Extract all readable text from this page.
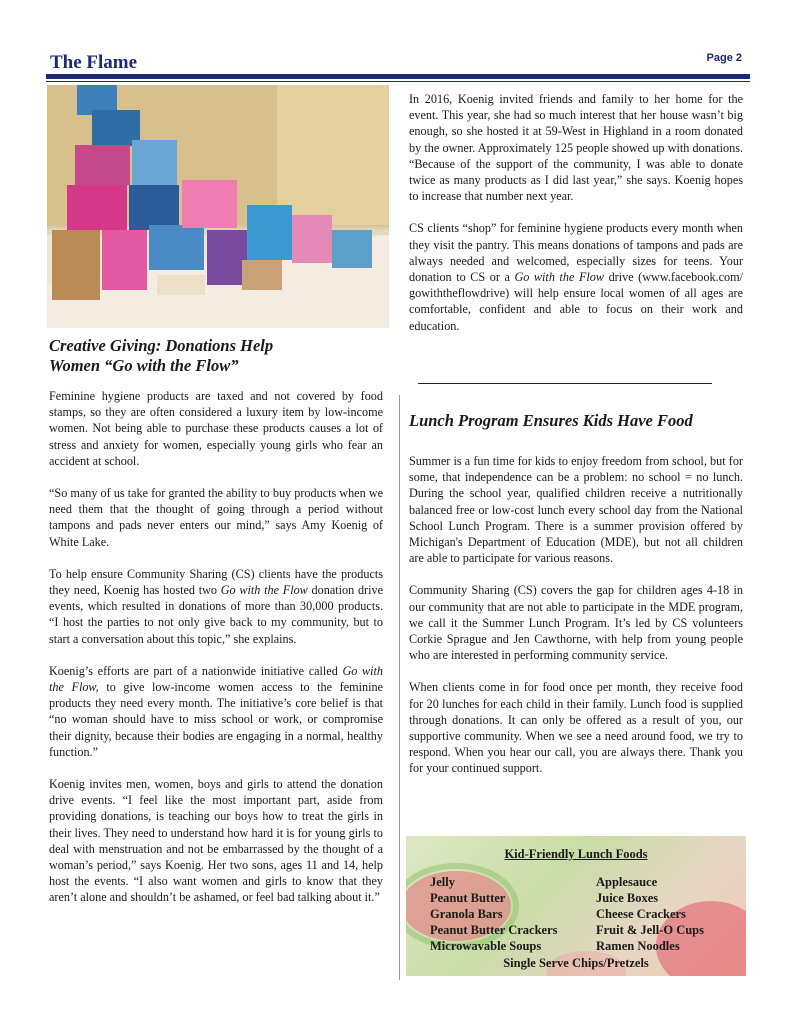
The Flame	Page 2

Creative Giving: Donations Help
Women “Go with the Flow”

Feminine hygiene products are taxed and not covered by food stamps, so they are often considered a luxury item by low-income women. Not being able to purchase these products causes a lot of stress and anxiety for women, especially young girls who fear an accident at school.

“So many of us take for granted the ability to buy products when we need them that the thought of going through a period without tampons and pads never enters our mind,” says Amy Koenig of White Lake.

To help ensure Community Sharing (CS) clients have the products they need, Koenig has hosted two Go with the Flow donation drive events, which resulted in donations of more than 30,000 products. “I host the parties to not only give back to my community, but to start a conversation about this topic,” she explains.

Koenig’s efforts are part of a nationwide initiative called Go with the Flow, to give low-income women access to the feminine products they need every month. The initiative’s core belief is that “no woman should have to miss school or work, or compromise their dignity, because their bodies are engaging in a normal, healthy function.”

Koenig invites men, women, boys and girls to attend the donation drive events. “I feel like the most important part, aside from providing donations, is teaching our boys how to treat the girls in their lives. They need to understand how hard it is for young girls to deal with menstruation and not be embarrassed by the thought of a woman’s period,” says Koenig. Her two sons, ages 11 and 14, help host the events. “I also want women and girls to know that they aren’t alone and shouldn’t be ashamed, or feel bad talking about it.”

In 2016, Koenig invited friends and family to her home for the event. This year, she had so much interest that her house wasn’t big enough, so she hosted it at 59-West in Highland in a room donated by the owner. Approximately 125 people showed up with donations. “Because of the support of the community, I was able to donate twice as many products as I did last year,” she says. Koenig hopes to increase that number next year.

CS clients “shop” for feminine hygiene products every month when they visit the pantry. This means donations of tampons and pads are always needed and welcomed, especially sizes for teens. Your donation to CS or a Go with the Flow drive (www.facebook.com/ gowiththeflowdrive) will help ensure local women of all ages are comfortable, confident and able to focus on their work and education.

Lunch Program Ensures Kids Have Food

Summer is a fun time for kids to enjoy freedom from school, but for some, that independence can be a problem: no school = no lunch. During the school year, qualified children receive a nutritionally balanced free or low-cost lunch every school day from the National School Lunch Program. There is a summer provision offered by Michigan's Department of Education (MDE), but not all children are able to participate for various reasons.

Community Sharing (CS) covers the gap for children ages 4-18 in our community that are not able to participate in the MDE program, we call it the Summer Lunch Program. It’s led by CS volunteers Corkie Sprague and Jen Cawthorne, with help from young people who are interested in performing community service.

When clients come in for food once per month, they receive food for 20 lunches for each child in their family. Lunch food is supplied through donations. It can only be offered as a result of you, our supportive community. When we see a need around food, we try to respond. When you hear our call, you are always there. Thank you for your continued support.

Kid-Friendly Lunch Foods
Jelly
Peanut Butter
Granola Bars
Peanut Butter Crackers
Microwavable Soups
Applesauce
Juice Boxes
Cheese Crackers
Fruit & Jell-O Cups
Ramen Noodles
Single Serve Chips/Pretzels
